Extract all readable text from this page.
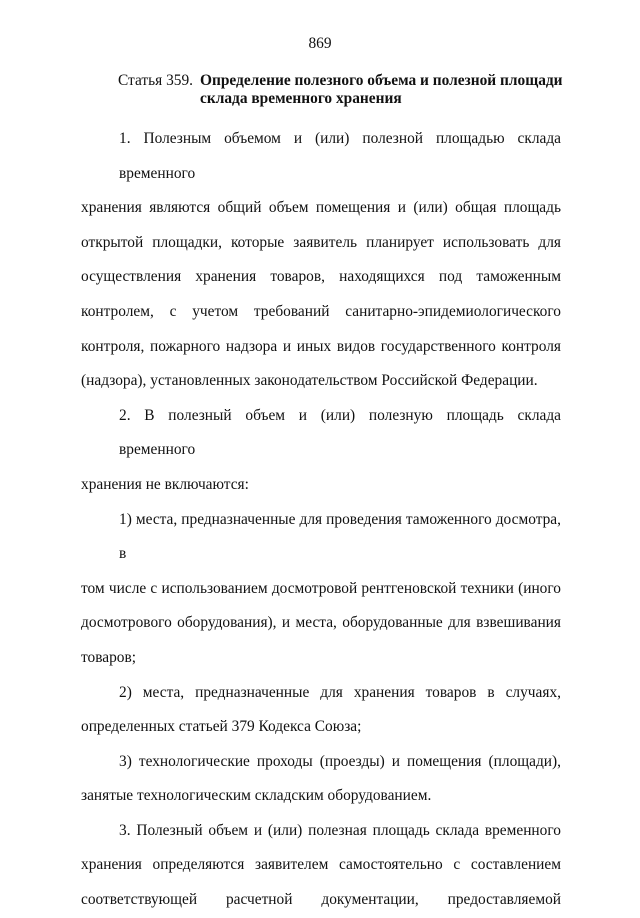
869
Статья 359. Определение полезного объема и полезной площади склада временного хранения
1. Полезным объемом и (или) полезной площадью склада временного
хранения являются общий объем помещения и (или) общая площадь
открытой площадки, которые заявитель планирует использовать для
осуществления хранения товаров, находящихся под таможенным
контролем, с учетом требований санитарно-эпидемиологического
контроля, пожарного надзора и иных видов государственного контроля
(надзора), установленных законодательством Российской Федерации.
2. В полезный объем и (или) полезную площадь склада временного
хранения не включаются:
1) места, предназначенные для проведения таможенного досмотра, в
том числе с использованием досмотровой рентгеновской техники (иного
досмотрового оборудования), и места, оборудованные для взвешивания
товаров;
2) места, предназначенные для хранения товаров в случаях,
определенных статьей 379 Кодекса Союза;
3) технологические проходы (проезды) и помещения (площади),
занятые технологическим складским оборудованием.
3. Полезный объем и (или) полезная площадь склада временного
хранения определяются заявителем самостоятельно с составлением
соответствующей расчетной документации, предоставляемой
